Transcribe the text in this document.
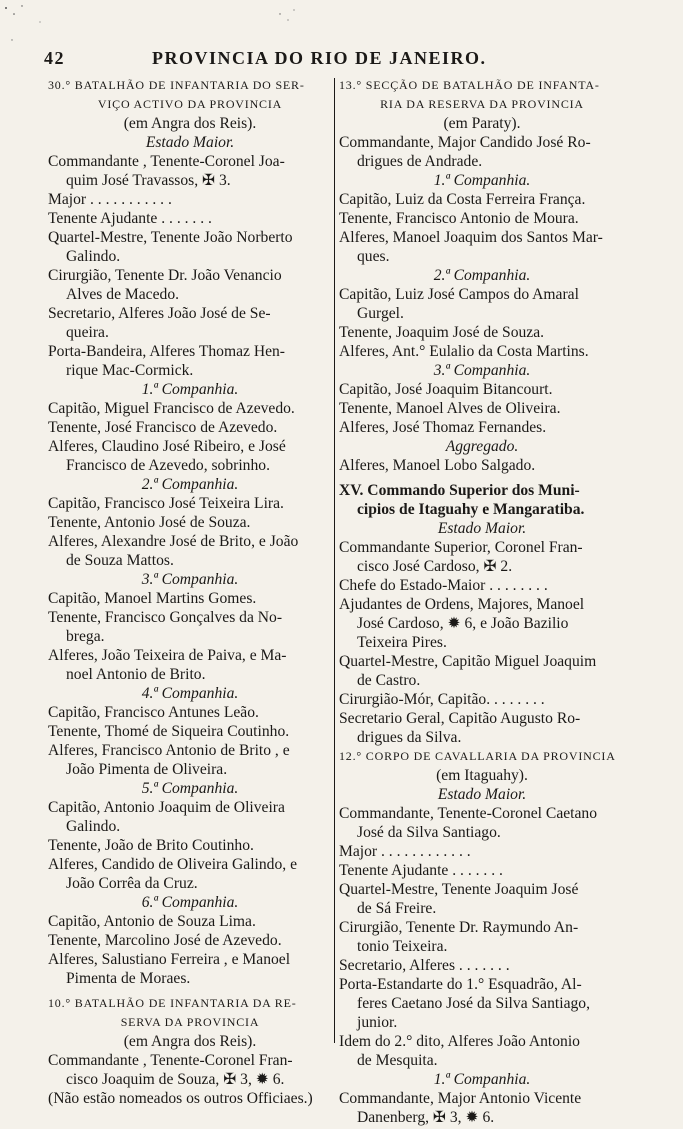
42	PROVINCIA DO RIO DE JANEIRO.
30.° BATALHÃO DE INFANTARIA DO SER-
VIÇO ACTIVO DA PROVINCIA
(em Angra dos Reis).
Estado Maior.
Commandante , Tenente-Coronel Joa-
quim José Travassos, ✠ 3.
Major . . . . . . . . . . .
Tenente Ajudante . . . . . . .
Quartel-Mestre, Tenente João Norberto
Galindo.
Cirurgião, Tenente Dr. João Venancio
Alves de Macedo.
Secretario, Alferes João José de Se-
queira.
Porta-Bandeira, Alferes Thomaz Hen-
rique Mac-Cormick.
1.ª Companhia.
Capitão, Miguel Francisco de Azevedo.
Tenente, José Francisco de Azevedo.
Alferes, Claudino José Ribeiro, e José
Francisco de Azevedo, sobrinho.
2.ª Companhia.
Capitão, Francisco José Teixeira Lira.
Tenente, Antonio José de Souza.
Alferes, Alexandre José de Brito, e João
de Souza Mattos.
3.ª Companhia.
Capitão, Manoel Martins Gomes.
Tenente, Francisco Gonçalves da No-
brega.
Alferes, João Teixeira de Paiva, e Ma-
noel Antonio de Brito.
4.ª Companhia.
Capitão, Francisco Antunes Leão.
Tenente, Thomé de Siqueira Coutinho.
Alferes, Francisco Antonio de Brito , e
João Pimenta de Oliveira.
5.ª Companhia.
Capitão, Antonio Joaquim de Oliveira
Galindo.
Tenente, João de Brito Coutinho.
Alferes, Candido de Oliveira Galindo, e
João Corrêa da Cruz.
6.ª Companhia.
Capitão, Antonio de Souza Lima.
Tenente, Marcolino José de Azevedo.
Alferes, Salustiano Ferreira , e Manoel
Pimenta de Moraes.
10.° BATALHÃO DE INFANTARIA DA RE-
SERVA DA PROVINCIA
(em Angra dos Reis).
Commandante , Tenente-Coronel Fran-
cisco Joaquim de Souza, ✠ 3, ✹ 6.
(Não estão nomeados os outros Officiaes.)
13.° SECÇÃO DE BATALHÃO DE INFANTA-
RIA DA RESERVA DA PROVINCIA
(em Paraty).
Commandante, Major Candido José Ro-
drigues de Andrade.
1.ª Companhia.
Capitão, Luiz da Costa Ferreira França.
Tenente, Francisco Antonio de Moura.
Alferes, Manoel Joaquim dos Santos Mar-
ques.
2.ª Companhia.
Capitão, Luiz José Campos do Amaral
Gurgel.
Tenente, Joaquim José de Souza.
Alferes, Ant.° Eulalio da Costa Martins.
3.ª Companhia.
Capitão, José Joaquim Bitancourt.
Tenente, Manoel Alves de Oliveira.
Alferes, José Thomaz Fernandes.
Aggregado.
Alferes, Manoel Lobo Salgado.
XV. Commando Superior dos Muni-
cipios de Itaguahy e Mangaratiba.
Estado Maior.
Commandante Superior, Coronel Fran-
cisco José Cardoso, ✠ 2.
Chefe do Estado-Maior . . . . . . . .
Ajudantes de Ordens, Majores, Manoel
José Cardoso, ✹ 6, e João Bazilio
Teixeira Pires.
Quartel-Mestre, Capitão Miguel Joaquim
de Castro.
Cirurgião-Mór, Capitão. . . . . . . .
Secretario Geral, Capitão Augusto Ro-
drigues da Silva.
12.° CORPO DE CAVALLARIA DA PROVINCIA
(em Itaguahy).
Estado Maior.
Commandante, Tenente-Coronel Caetano
José da Silva Santiago.
Major . . . . . . . . . . . .
Tenente Ajudante . . . . . . .
Quartel-Mestre, Tenente Joaquim José
de Sá Freire.
Cirurgião, Tenente Dr. Raymundo An-
tonio Teixeira.
Secretario, Alferes . . . . . . .
Porta-Estandarte do 1.° Esquadrão, Al-
feres Caetano José da Silva Santiago,
junior.
Idem do 2.° dito, Alferes João Antonio
de Mesquita.
1.ª Companhia.
Commandante, Major Antonio Vicente
Danenberg, ✠ 3, ✹ 6.
